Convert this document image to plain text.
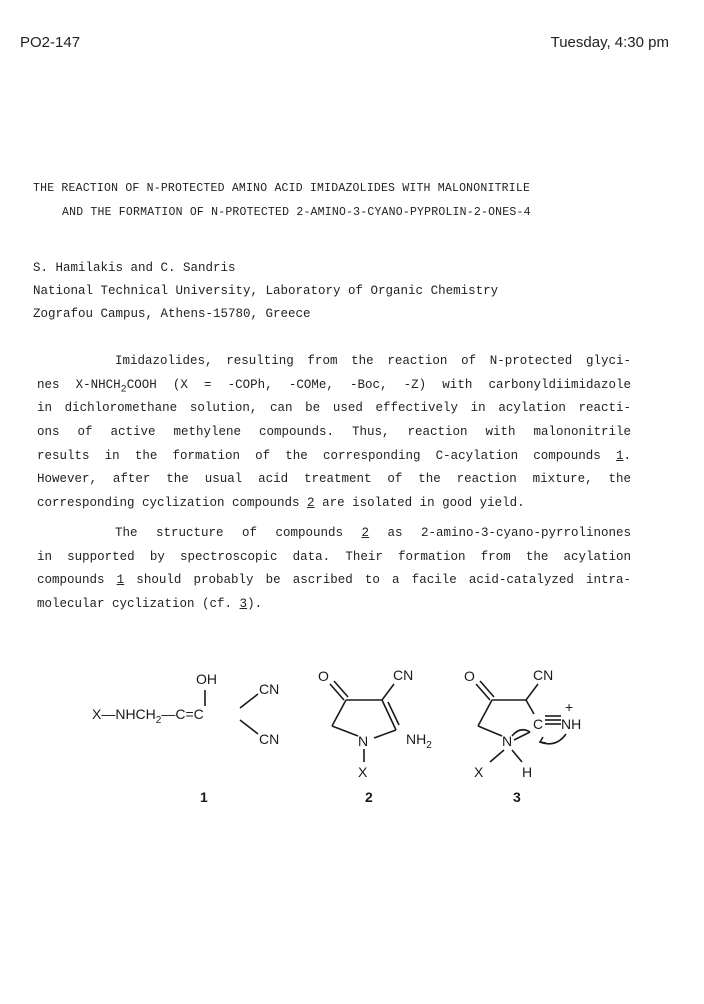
PO2-147	Tuesday, 4:30 pm
THE REACTION OF N-PROTECTED AMINO ACID IMIDAZOLIDES WITH MALONONITRILE
AND THE FORMATION OF N-PROTECTED 2-AMINO-3-CYANO-PYPROLIN-2-ONES-4
S. Hamilakis and C. Sandris
National Technical University, Laboratory of Organic Chemistry
Zografou Campus, Athens-15780, Greece
Imidazolides, resulting from the reaction of N-protected glyci-
nes $X-NHCH_2COOH$ (X = -COPh, -COMe, -Boc, -Z) with carbonyldiimidazole
in dichloromethane solution, can be used effectively in acylation reacti-
ons of active methylene compounds. Thus, reaction with malononitrile
results in the formation of the corresponding C-acylation compounds 1.
However, after the usual acid treatment of the reaction mixture, the
corresponding cyclization compounds 2 are isolated in good yield.
The structure of compounds 2 as 2-amino-3-cyano-pyrrolinones
in supported by spectroscopic data. Their formation from the acylation
compounds 1 should probably be ascribed to a facile acid-catalyzed intra-
molecular cyclization (cf. 3).
OH
$X—NHCH_2—C=C$
CN
CN
1
O	CN
N	$NH_2$
X
2
O	CN
C NH
+
N
X	H
3
